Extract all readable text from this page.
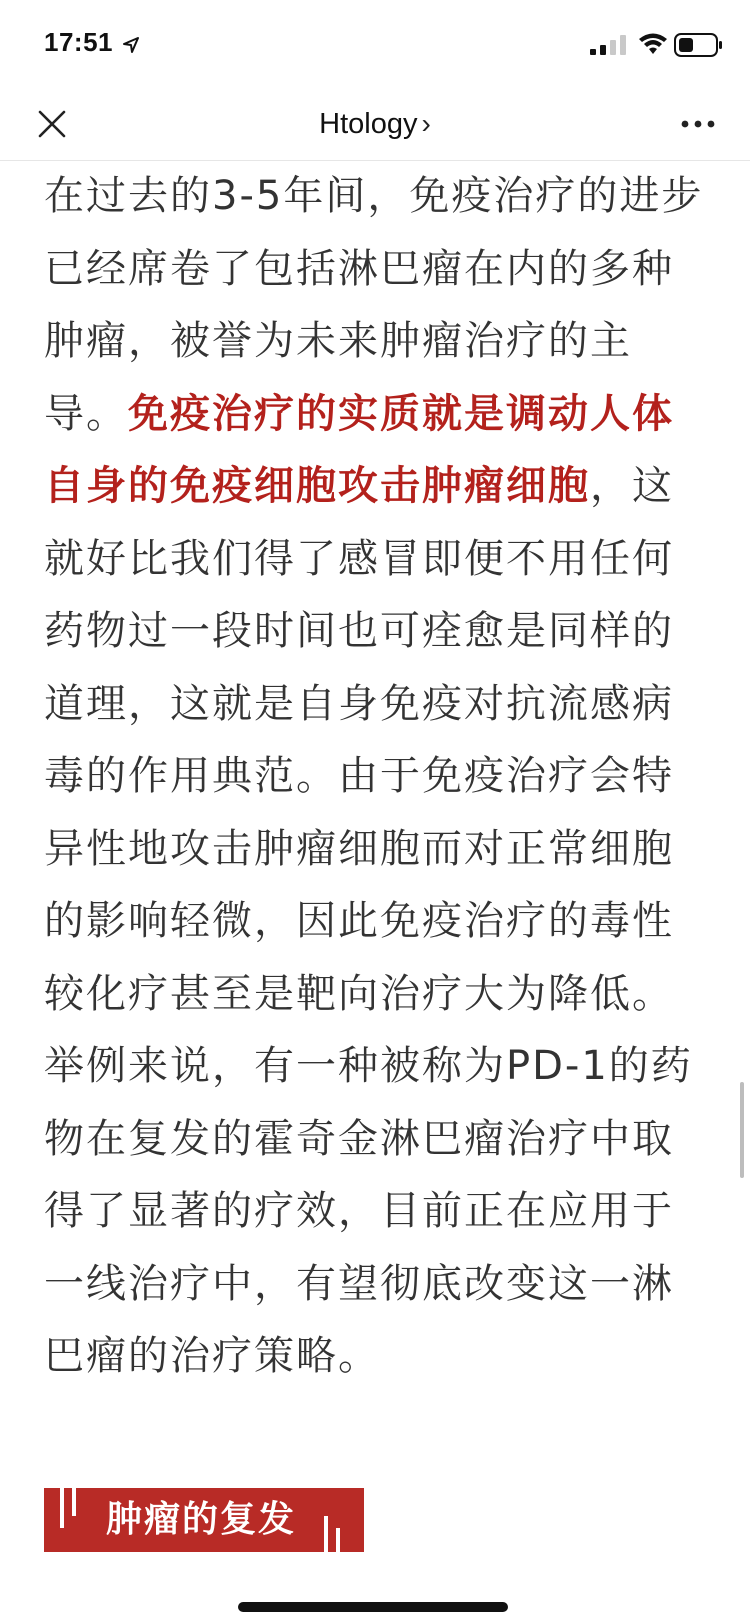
17:51
Htology ›

在过去的3-5年间，免疫治疗的进步已经席卷了包括淋巴瘤在内的多种肿瘤，被誉为未来肿瘤治疗的主导。免疫治疗的实质就是调动人体自身的免疫细胞攻击肿瘤细胞，这就好比我们得了感冒即便不用任何药物过一段时间也可痊愈是同样的道理，这就是自身免疫对抗流感病毒的作用典范。由于免疫治疗会特异性地攻击肿瘤细胞而对正常细胞的影响轻微，因此免疫治疗的毒性较化疗甚至是靶向治疗大为降低。举例来说，有一种被称为PD-1的药物在复发的霍奇金淋巴瘤治疗中取得了显著的疗效，目前正在应用于一线治疗中，有望彻底改变这一淋巴瘤的治疗策略。

肿瘤的复发
